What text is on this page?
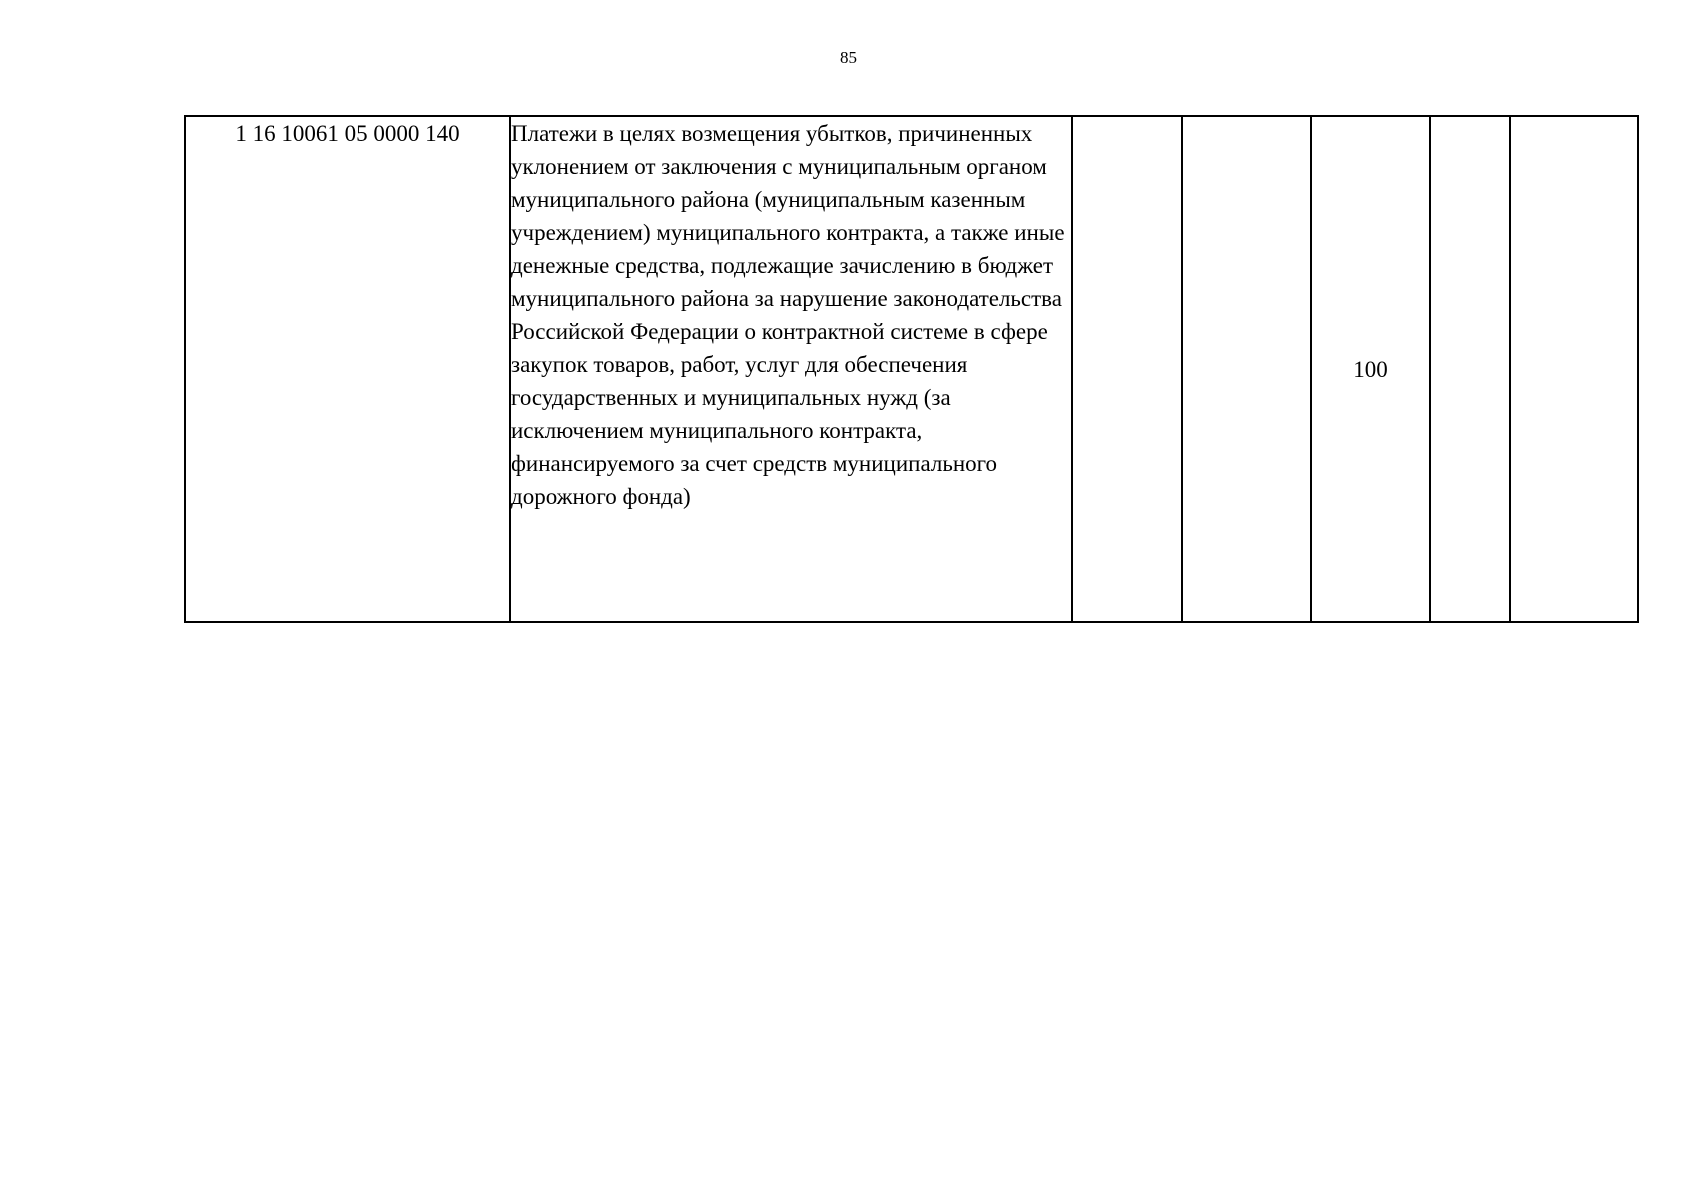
85
1 16 10061 05 0000 140	Платежи в целях возмещения убытков, причиненных уклонением от заключения с муниципальным органом муниципального района (муниципальным казенным учреждением) муниципального контракта, а также иные денежные средства, подлежащие зачислению в бюджет муниципального района за нарушение законодательства Российской Федерации о контрактной системе в сфере закупок товаров, работ, услуг для обеспечения государственных и муниципальных нужд (за исключением муниципального контракта, финансируемого за счет средств муниципального дорожного фонда)			100		
